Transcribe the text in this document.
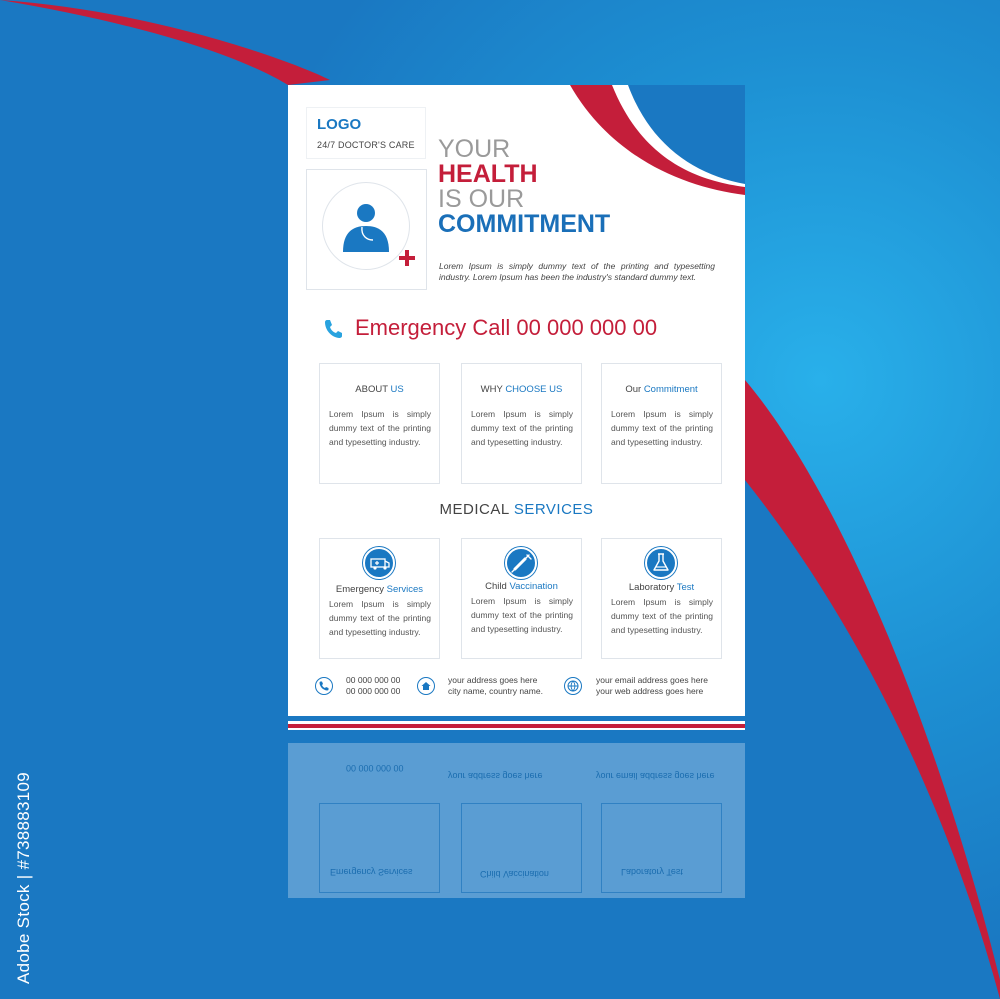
LOGO
24/7 DOCTOR'S CARE YOUR
HEALTH
IS OUR
COMMITMENT

Lorem Ipsum is simply dummy text of the printing and typesetting industry. Lorem Ipsum has been the industry's standard dummy text.

Emergency Call 00 000 000 00
ABOUT US

Lorem Ipsum is simply dummy text of the printing and typesetting industry.

WHY CHOOSE US

Lorem Ipsum is simply dummy text of the printing and typesetting industry.

Our Commitment

Lorem Ipsum is simply dummy text of the printing and typesetting industry.

MEDICAL SERVICES
Emergency Services

Lorem Ipsum is simply dummy text of the printing and typesetting industry.

Child Vaccination

Lorem Ipsum is simply dummy text of the printing and typesetting industry.

Laboratory Test

Lorem Ipsum is simply dummy text of the printing and typesetting industry.

00 000 000 00
00 000 000 00
your address goes here
city name, country name.
your email address goes here
your web address goes here
00 000 000 00
your address goes here	your email address goes here
Emergency Services	Child Vaccination	Laboratory Test
Adobe Stock | #738883109
